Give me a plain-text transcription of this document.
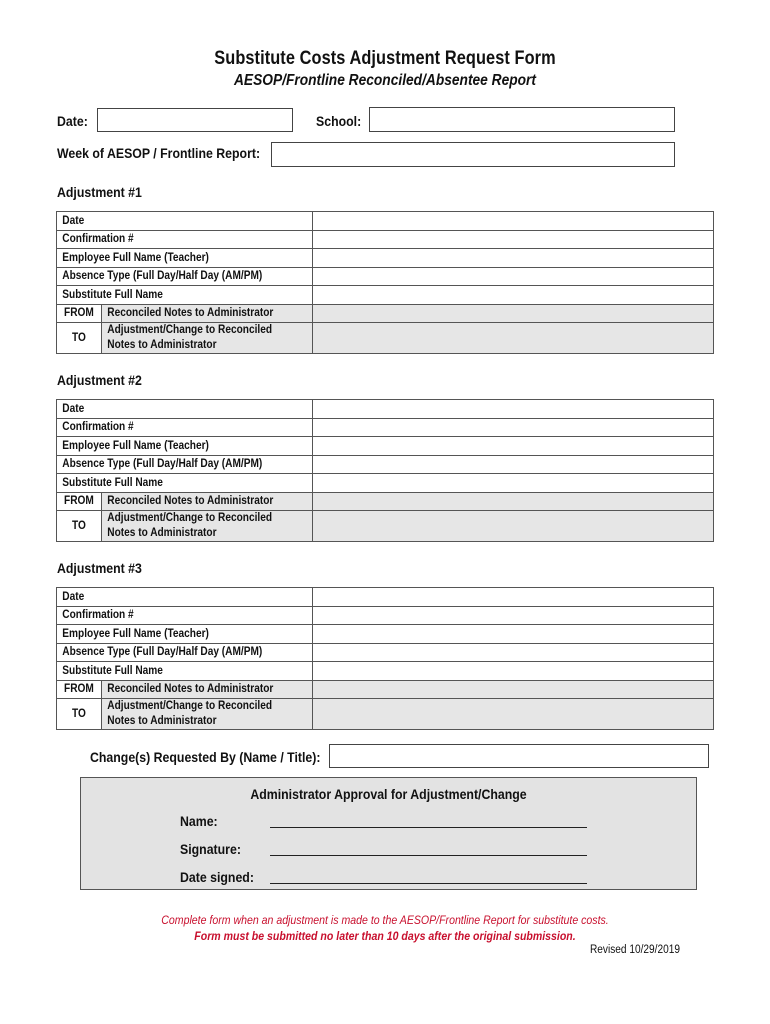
Substitute Costs Adjustment Request Form
AESOP/Frontline Reconciled/Absentee Report
Date:	School:
Week of AESOP / Frontline Report:
Adjustment #1
Date		
Confirmation #		
Employee Full Name (Teacher)		
Absence Type (Full Day/Half Day (AM/PM)		
Substitute Full Name		
FROM	Reconciled Notes to Administrator	
TO	Adjustment/Change to Reconciled
Notes to Administrator	
Adjustment #2
Date		
Confirmation #		
Employee Full Name (Teacher)		
Absence Type (Full Day/Half Day (AM/PM)		
Substitute Full Name		
FROM	Reconciled Notes to Administrator	
TO	Adjustment/Change to Reconciled
Notes to Administrator	
Adjustment #3
Date		
Confirmation #		
Employee Full Name (Teacher)		
Absence Type (Full Day/Half Day (AM/PM)		
Substitute Full Name		
FROM	Reconciled Notes to Administrator	
TO	Adjustment/Change to Reconciled
Notes to Administrator	
Change(s) Requested By (Name / Title):
Administrator Approval for Adjustment/Change
Name:
Signature:
Date signed:
Complete form when an adjustment is made to the AESOP/Frontline Report for substitute costs.
Form must be submitted no later than 10 days after the original submission.
Revised 10/29/2019
